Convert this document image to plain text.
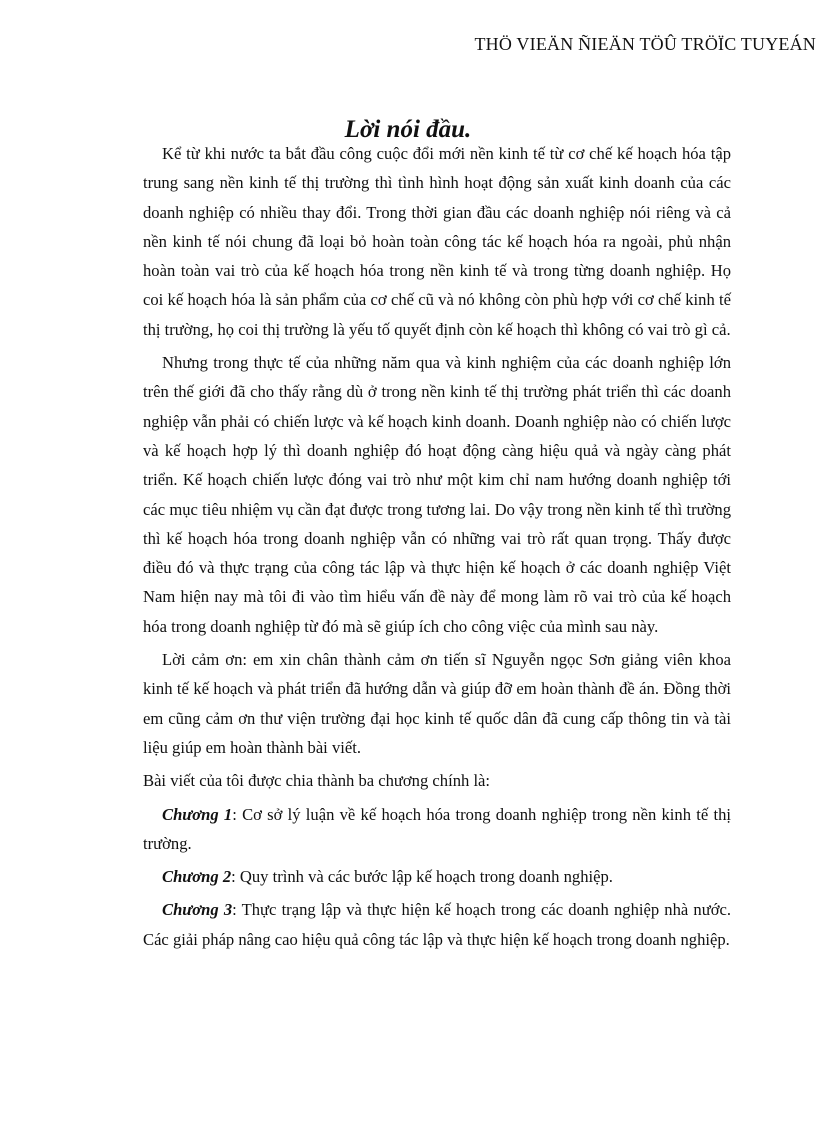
THÖ VIEÄN ÑIEÄN TÖÛ TRÖÏC TUYEÁN
Lời nói đầu.

Kể từ khi nước ta bắt đầu công cuộc đổi mới nền kinh tế từ cơ chế kế hoạch hóa tập trung sang nền kinh tế thị trường thì tình hình hoạt động sản xuất kinh doanh của các doanh nghiệp có nhiều thay đổi. Trong thời gian đầu các doanh nghiệp nói riêng và cả nền kinh tế nói chung đã loại bỏ hoàn toàn công tác kế hoạch hóa ra ngoài, phủ nhận hoàn toàn vai trò của kế hoạch hóa trong nền kinh tế và trong từng doanh nghiệp. Họ coi kế hoạch hóa là sản phẩm của cơ chế cũ và nó không còn phù hợp với cơ chế kinh tế thị trường, họ coi thị trường là yếu tố quyết định còn kế hoạch thì không có vai trò gì cả.

Nhưng trong thực tế của những năm qua và kinh nghiệm của các doanh nghiệp lớn trên thế giới đã cho thấy rằng dù ở trong nền kinh tế thị trường phát triển thì các doanh nghiệp vẫn phải có chiến lược và kế hoạch kinh doanh. Doanh nghiệp nào có chiến lược và kế hoạch hợp lý thì doanh nghiệp đó hoạt động càng hiệu quả và ngày càng phát triển. Kế hoạch chiến lược đóng vai trò như một kim chỉ nam hướng doanh nghiệp tới các mục tiêu nhiệm vụ cần đạt được trong tương lai. Do vậy trong nền kinh tế thì trường thì kế hoạch hóa trong doanh nghiệp vẫn có những vai trò rất quan trọng. Thấy được điều đó và thực trạng của công tác lập và thực hiện kế hoạch ở các doanh nghiệp Việt Nam hiện nay mà tôi đi vào tìm hiểu vấn đề này để mong làm rõ vai trò của kế hoạch hóa trong doanh nghiệp từ đó mà sẽ giúp ích cho công việc của mình sau này.

Lời cảm ơn: em xin chân thành cảm ơn tiến sĩ Nguyễn ngọc Sơn giảng viên khoa kinh tế kế hoạch và phát triển đã hướng dẫn và giúp đỡ em hoàn thành đề án. Đồng thời em cũng cảm ơn thư viện trường đại học kinh tế quốc dân đã cung cấp thông tin và tài liệu giúp em hoàn thành bài viết.

Bài viết của tôi được chia thành ba chương chính là:

Chương 1: Cơ sở lý luận về kế hoạch hóa trong doanh nghiệp trong nền kinh tế thị trường.

Chương 2: Quy trình và các bước lập kế hoạch trong doanh nghiệp.

Chương 3: Thực trạng lập và thực hiện kế hoạch trong các doanh nghiệp nhà nước. Các giải pháp nâng cao hiệu quả công tác lập và thực hiện kế hoạch trong doanh nghiệp.
